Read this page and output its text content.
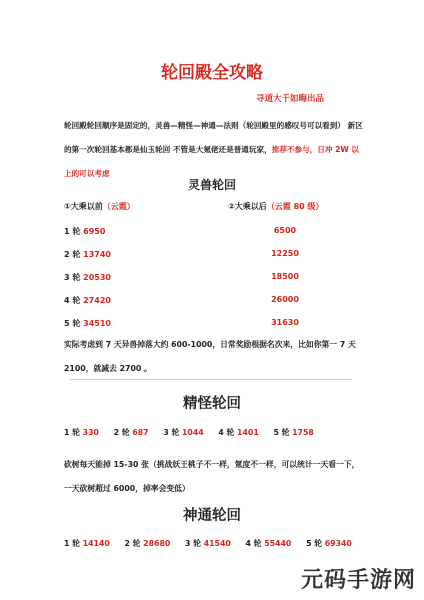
轮回殿全攻略
寻道大千如晦出品
轮回殿轮回顺序是固定的，灵兽—精怪—神通—法则（轮回殿里的感叹号可以看到） 新区的第一次轮回基本都是仙玉轮回 不管是大氪佬还是普通玩家，推荐不参与，日冲 2W 以上的可以考虑
灵兽轮回
①大乘以前（云霞）	②大乘以后（云霞 80 级）
1 轮 6950	6500
2 轮 13740	12250
3 轮 20530	18500
4 轮 27420	26000
5 轮 34510	31630
实际考虑到 7 天异兽掉落大约 600-1000，日常奖励根据名次来，比如你第一 7 天 2100，就减去 2700 。
精怪轮回
1 轮 330 2 轮 687 3 轮 1044 4 轮 1401 5 轮 1758
砍树每天能掉 15-30 张（挑战妖王桃子不一样，氪度不一样，可以统计一天看一下，一天砍树超过 6000，掉率会变低）
神通轮回
1 轮 14140 2 轮 28680 3 轮 41540 4 轮 55440 5 轮 69340
元码手游网
